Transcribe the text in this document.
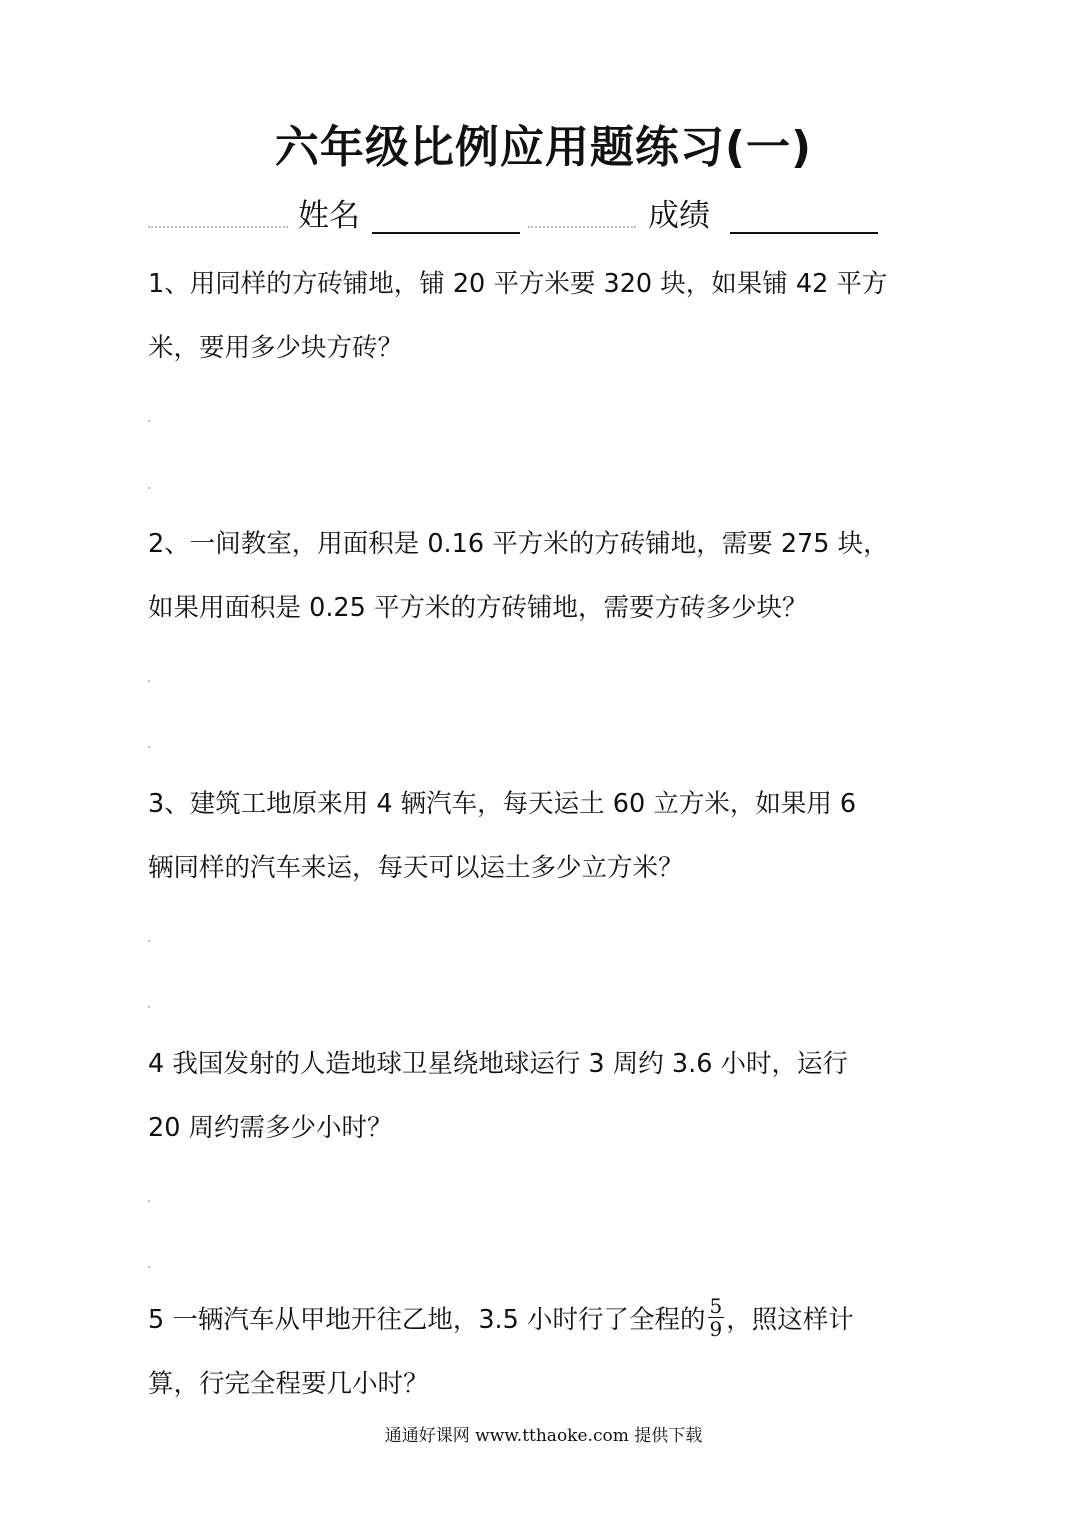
六年级比例应用题练习(一)
姓名	成绩
1、用同样的方砖铺地，铺 20 平方米要 320 块，如果铺 42 平方
米，要用多少块方砖？
2、一间教室，用面积是 0.16 平方米的方砖铺地，需要 275 块，
如果用面积是 0.25 平方米的方砖铺地，需要方砖多少块？
3、建筑工地原来用 4 辆汽车，每天运土 60 立方米，如果用 6
辆同样的汽车来运，每天可以运土多少立方米？
4 我国发射的人造地球卫星绕地球运行 3 周约 3.6 小时，运行
20 周约需多少小时？
5 一辆汽车从甲地开往乙地，3.5 小时行了全程的 $\frac{5}{9}$ ，照这样计
算，行完全程要几小时？
通通好课网 www.tthaoke.com 提供下载
